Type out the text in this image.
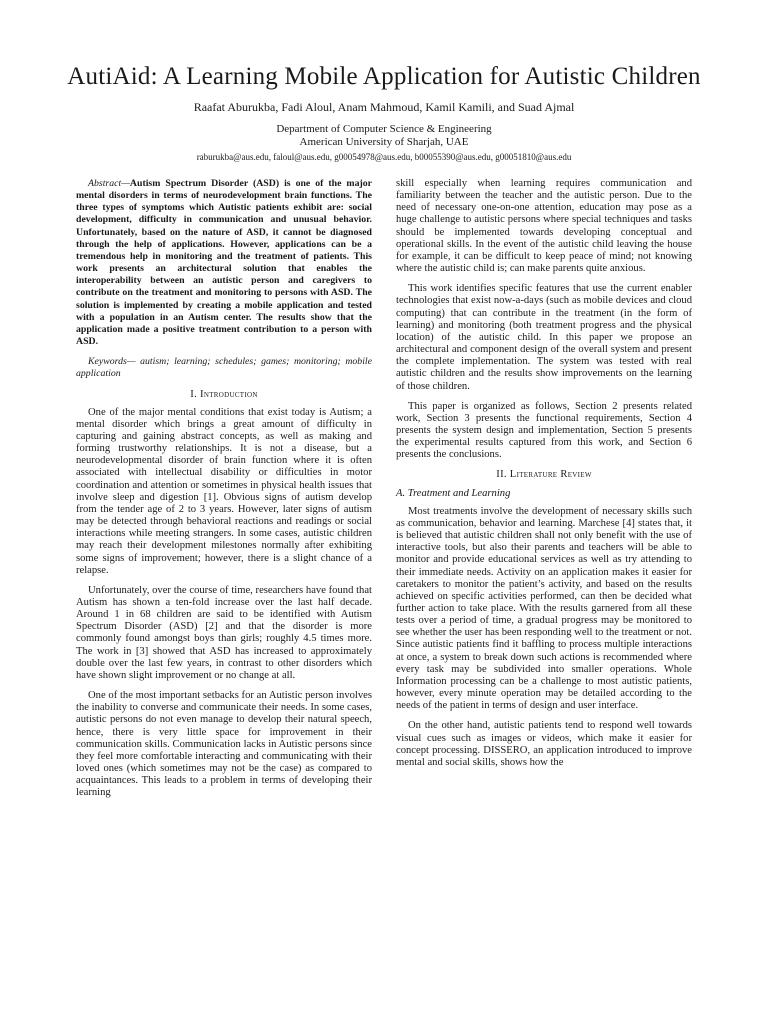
AutiAid: A Learning Mobile Application for Autistic Children
Raafat Aburukba, Fadi Aloul, Anam Mahmoud, Kamil Kamili, and Suad Ajmal
Department of Computer Science & Engineering
American University of Sharjah, UAE
raburukba@aus.edu, faloul@aus.edu, g00054978@aus.edu, b00055390@aus.edu, g00051810@aus.edu
Abstract—Autism Spectrum Disorder (ASD) is one of the major mental disorders in terms of neurodevelopment brain functions. The three types of symptoms which Autistic patients exhibit are: social development, difficulty in communication and unusual behavior. Unfortunately, based on the nature of ASD, it cannot be diagnosed through the help of applications. However, applications can be a tremendous help in monitoring and the treatment of patients. This work presents an architectural solution that enables the interoperability between an autistic person and caregivers to contribute on the treatment and monitoring to persons with ASD. The solution is implemented by creating a mobile application and tested with a population in an Autism center. The results show that the application made a positive treatment contribution to a person with ASD.
Keywords— autism; learning; schedules; games; monitoring; mobile application
I. Introduction

One of the major mental conditions that exist today is Autism; a mental disorder which brings a great amount of difficulty in capturing and gaining abstract concepts, as well as making and forming trustworthy relationships. It is not a disease, but a neurodevelopmental disorder of brain function where it is often associated with intellectual disability or difficulties in motor coordination and attention or sometimes in physical health issues that involve sleep and digestion [1]. Obvious signs of autism develop from the tender age of 2 to 3 years. However, later signs of autism may be detected through behavioral reactions and readings or social interactions while meeting strangers. In some cases, autistic children may reach their development milestones normally after exhibiting some signs of improvement; however, there is a slight chance of a relapse.

Unfortunately, over the course of time, researchers have found that Autism has shown a ten-fold increase over the last half decade. Around 1 in 68 children are said to be identified with Autism Spectrum Disorder (ASD) [2] and that the disorder is more commonly found amongst boys than girls; roughly 4.5 times more. The work in [3] showed that ASD has increased to approximately double over the last few years, in contrast to other disorders which have shown slight improvement or no change at all.

One of the most important setbacks for an Autistic person involves the inability to converse and communicate their needs. In some cases, autistic persons do not even manage to develop their natural speech, hence, there is very little space for improvement in their communication skills. Communication lacks in Autistic persons since they feel more comfortable interacting and communicating with their loved ones (which sometimes may not be the case) as compared to acquaintances. This leads to a problem in terms of developing their learning

skill especially when learning requires communication and familiarity between the teacher and the autistic person. Due to the need of necessary one-on-one attention, education may pose as a huge challenge to autistic persons where special techniques and tasks should be implemented towards developing conceptual and operational skills. In the event of the autistic child leaving the house for example, it can be difficult to keep peace of mind; not knowing where the autistic child is; can make parents quite anxious.

This work identifies specific features that use the current enabler technologies that exist now-a-days (such as mobile devices and cloud computing) that can contribute in the treatment (in the form of learning) and monitoring (both treatment progress and the physical location) of the autistic child. In this paper we propose an architectural and component design of the overall system and present the complete implementation. The system was tested with real autistic children and the results show improvements on the learning of those children.

This paper is organized as follows, Section 2 presents related work, Section 3 presents the functional requirements, Section 4 presents the system design and implementation, Section 5 presents the experimental results captured from this work, and Section 6 presents the conclusions.

II. Literature Review
A. Treatment and Learning

Most treatments involve the development of necessary skills such as communication, behavior and learning. Marchese [4] states that, it is believed that autistic children shall not only benefit with the use of interactive tools, but also their parents and teachers will be able to monitor and provide educational services as well as try attending to their immediate needs. Activity on an application makes it easier for caretakers to monitor the patient’s activity, and based on the results achieved on specific activities performed, can then be decided what further action to take place. With the results garnered from all these tests over a period of time, a gradual progress may be monitored to see whether the user has been responding well to the treatment or not. Since autistic patients find it baffling to process multiple interactions at once, a system to break down such actions is recommended where every task may be subdivided into smaller operations. Whole Information processing can be a challenge to most autistic patients, however, every minute operation may be detailed according to the needs of the patient in terms of design and user interface.

On the other hand, autistic patients tend to respond well towards visual cues such as images or videos, which make it easier for concept processing. DISSERO, an application introduced to improve mental and social skills, shows how the
